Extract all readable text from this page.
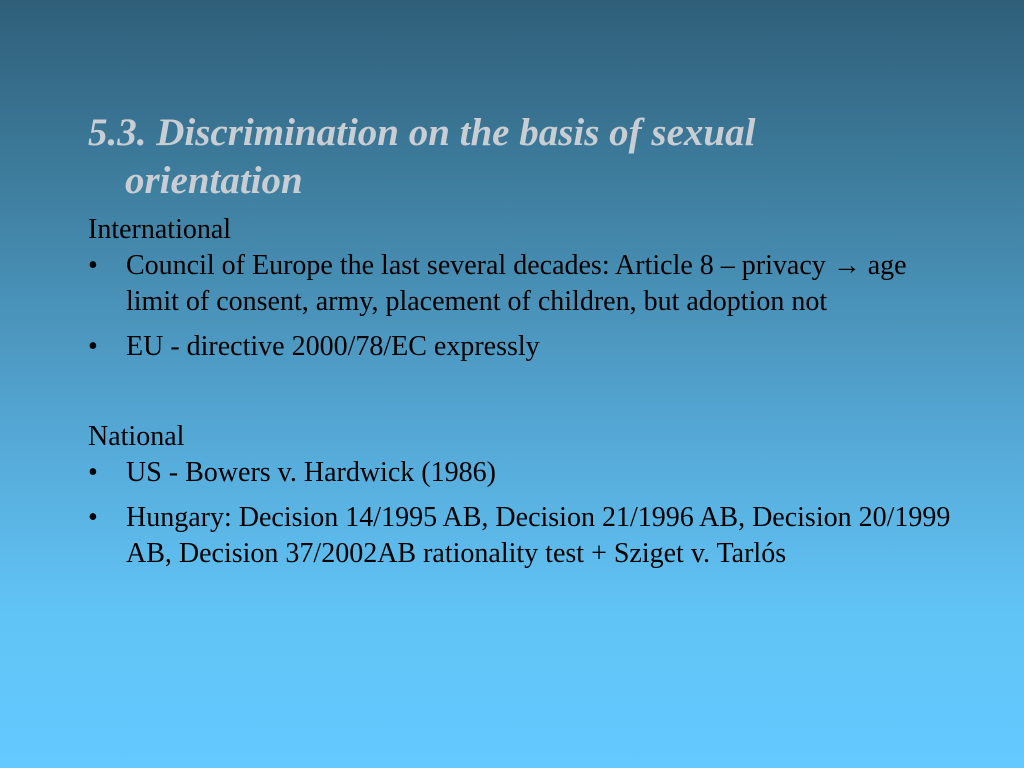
5.3. Discrimination on the basis of sexual
orientation

International

•	Council of Europe the last several decades: Article 8 – privacy → age limit of consent, army, placement of children, but adoption not
•	EU - directive 2000/78/EC expressly

National

•	US - Bowers v. Hardwick (1986)
•	Hungary: Decision 14/1995 AB, Decision 21/1996 AB, Decision 20/1999 AB, Decision 37/2002AB rationality test + Sziget v. Tarlós
